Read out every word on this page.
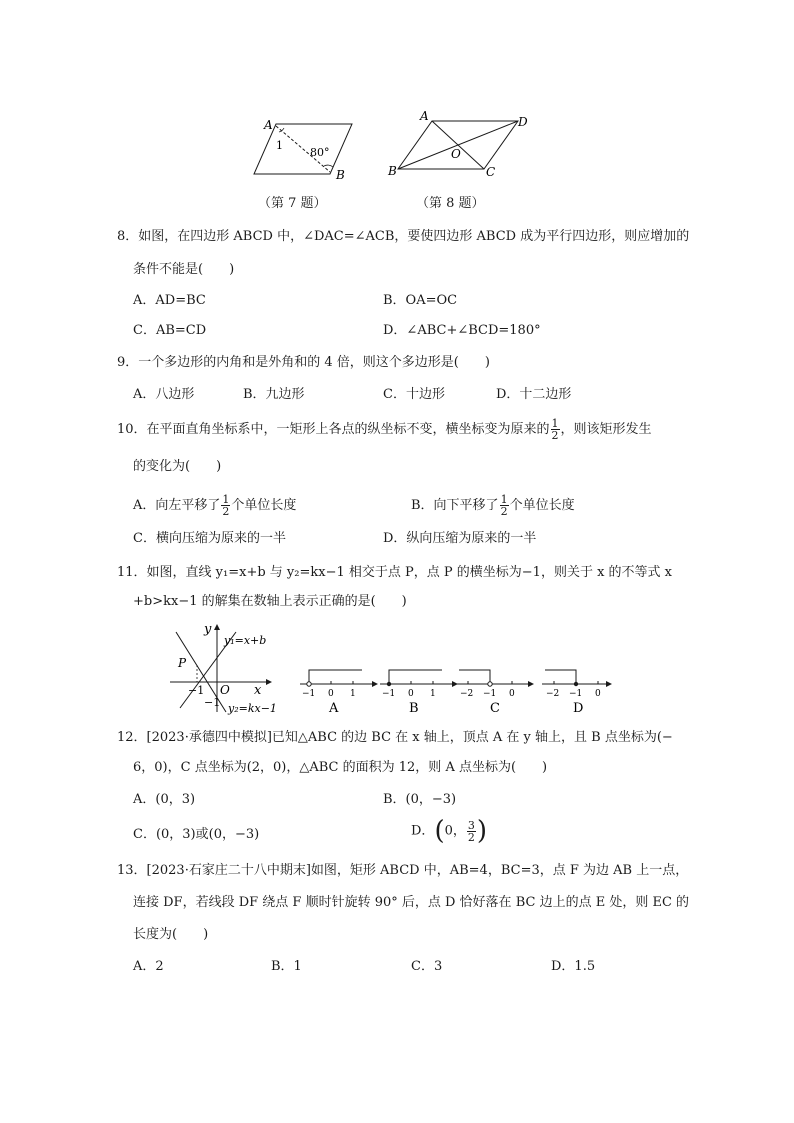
A
B
1
80°
（第 7 题）
A	D
B	C
O
（第 8 题）
8．如图，在四边形 ABCD 中，∠DAC=∠ACB，要使四边形 ABCD 成为平行四边形，则应增加的
条件不能是(　　)
A．AD=BC	B．OA=OC
C．AB=CD	D．∠ABC+∠BCD=180°
9．一个多边形的内角和是外角和的 4 倍，则这个多边形是(　　)
A．八边形	B．九边形	C．十边形	D．十二边形
10．在平面直角坐标系中，一矩形上各点的纵坐标不变，横坐标变为原来的 $\frac{1}{2}$ ，则该矩形发生
的变化为(　　)
A．向左平移了 $\frac{1}{2}$ 个单位长度	B．向下平移了 $\frac{1}{2}$ 个单位长度
C．横向压缩为原来的一半	D．纵向压缩为原来的一半
11．如图，直线 y₁=x+b 与 y₂=kx−1 相交于点 P，点 P 的横坐标为−1，则关于 x 的不等式 x
+b>kx−1 的解集在数轴上表示正确的是(　　)
y
y₁=x+b
P
−1 O x
−1 y₂=kx−1
−1 0 1
A
−1 0 1
B
−2 −1 0
C
−2 −1 0
D
12．[2023·承德四中模拟]已知△ABC 的边 BC 在 x 轴上，顶点 A 在 y 轴上，且 B 点坐标为(−
6，0)，C 点坐标为(2，0)，△ABC 的面积为 12，则 A 点坐标为(　　)
A．(0，3)	B．(0，−3)
C．(0，3)或(0，−3)	D．(0， $\frac{3}{2}$ )
13．[2023·石家庄二十八中期末]如图，矩形 ABCD 中，AB=4，BC=3，点 F 为边 AB 上一点，
连接 DF，若线段 DF 绕点 F 顺时针旋转 90° 后，点 D 恰好落在 BC 边上的点 E 处，则 EC 的
长度为(　　)
A．2	B．1	C．3	D．1.5
